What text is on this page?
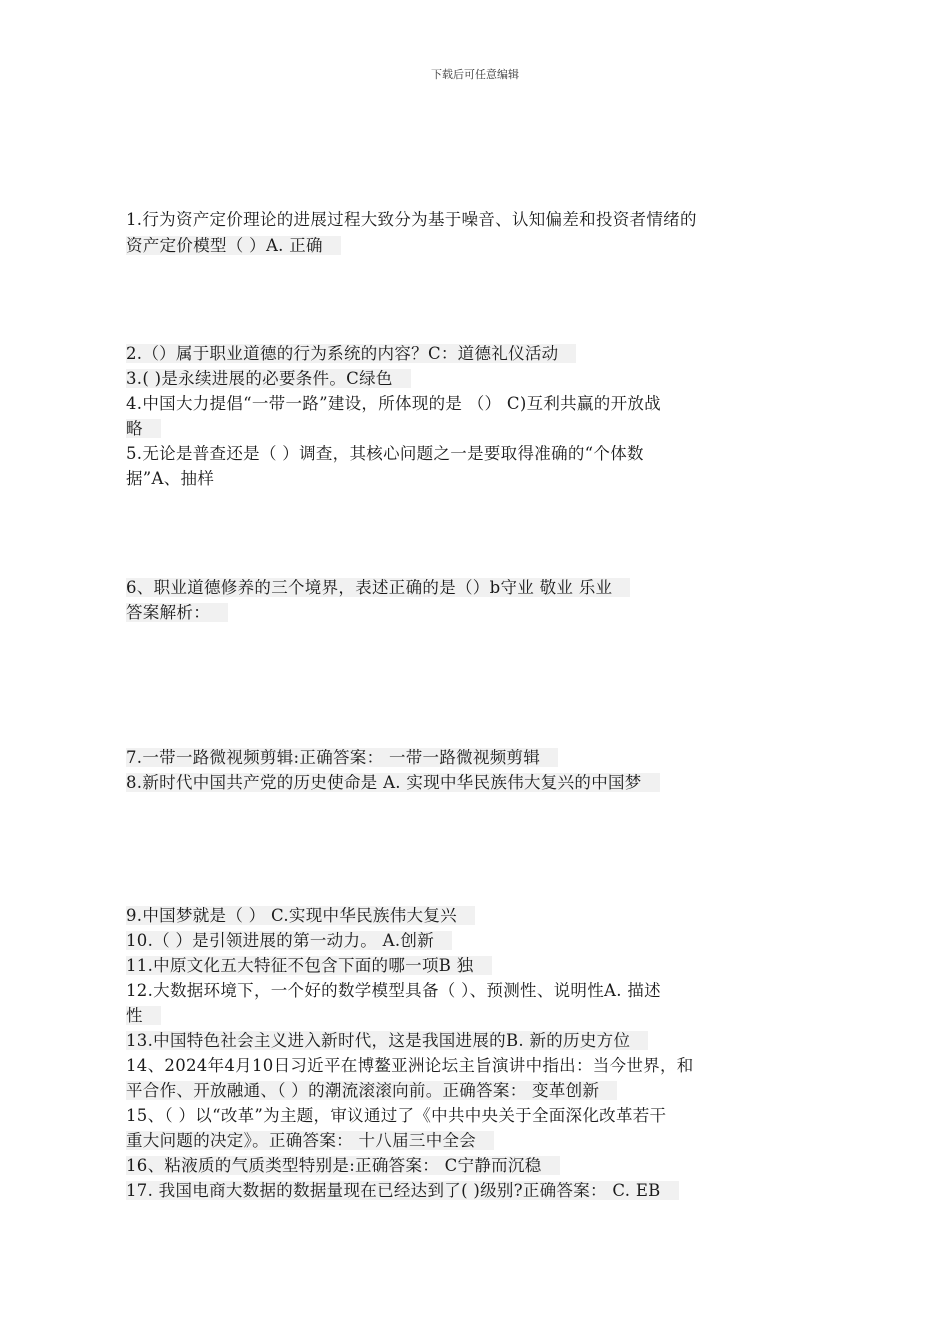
下载后可任意编辑
1.行为资产定价理论的进展过程大致分为基于噪音、认知偏差和投资者情绪的
资产定价模型（ ）A. 正确
2.（）属于职业道德的行为系统的内容？C：道德礼仪活动
3.( )是永续进展的必要条件。C绿色
4.中国大力提倡“一带一路”建设，所体现的是 （） C)互利共赢的开放战
略
5.无论是普查还是（ ）调查，其核心问题之一是要取得准确的“个体数
据”A、抽样
6、职业道德修养的三个境界，表述正确的是（）b守业 敬业 乐业
答案解析：
7.一带一路微视频剪辑:正确答案： 一带一路微视频剪辑
8.新时代中国共产党的历史使命是 A. 实现中华民族伟大复兴的中国梦
9.中国梦就是（ ） C.实现中华民族伟大复兴
10.（ ）是引领进展的第一动力。 A.创新
11.中原文化五大特征不包含下面的哪一项B 独
12.大数据环境下，一个好的数学模型具备（ ）、预测性、说明性A. 描述
性
13.中国特色社会主义进入新时代，这是我国进展的B. 新的历史方位
14、2024年4月10日习近平在博鳌亚洲论坛主旨演讲中指出：当今世界，和
平合作、开放融通、（ ）的潮流滚滚向前。正确答案： 变革创新
15、（ ）以“改革”为主题，审议通过了《中共中央关于全面深化改革若干
重大问题的决定》。正确答案： 十八届三中全会
16、粘液质的气质类型特别是:正确答案： C宁静而沉稳
17. 我国电商大数据的数据量现在已经达到了( )级别?正确答案： C. EB
